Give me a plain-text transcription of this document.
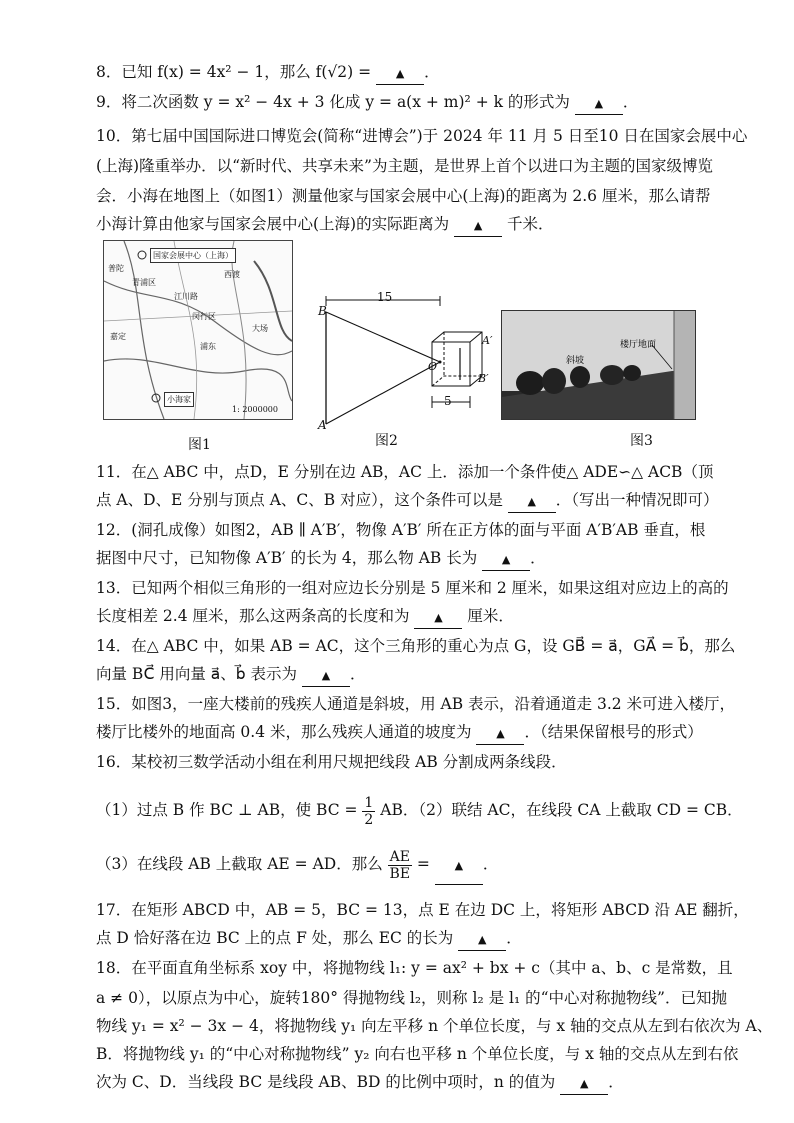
8．已知 f(x) = 4x² − 1，那么 f(√2) = ▲ ．
9．将二次函数 y = x² − 4x + 3 化成 y = a(x + m)² + k 的形式为 ▲ ．
10．第七届中国国际进口博览会(简称“进博会”)于 2024 年 11 月 5 日至10 日在国家会展中心
(上海)隆重举办．以“新时代、共享未来”为主题，是世界上首个以进口为主题的国家级博览
会．小海在地图上（如图1）测量他家与国家会展中心(上海)的距离为 2.6 厘米，那么请帮
小海计算由他家与国家会展中心(上海)的实际距离为 ▲ 千米．
国家会展中心（上海）
青浦区
闵行区
西渡
大场
小海家
普陀
江川路
嘉定
浦东
1: 2000000
图1
15
5
B
A
A′
B′
O
图2
楼厅地面
斜坡
图3
11．在△ ABC 中，点D，E 分别在边 AB，AC 上．添加一个条件使△ ADE∽△ ACB（顶
点 A、D、E 分别与顶点 A、C、B 对应），这个条件可以是 ▲ ．（写出一种情况即可）
12．(洞孔成像）如图2，AB ∥ A′B′，物像 A′B′ 所在正方体的面与平面 A′B′AB 垂直，根
据图中尺寸，已知物像 A′B′ 的长为 4，那么物 AB 长为 ▲ ．
13．已知两个相似三角形的一组对应边长分别是 5 厘米和 2 厘米，如果这组对应边上的高的
长度相差 2.4 厘米，那么这两条高的长度和为 ▲ 厘米．
14．在△ ABC 中，如果 AB = AC，这个三角形的重心为点 G，设 GB⃗ = a⃗，GA⃗ = b⃗，那么
向量 BC⃗ 用向量 a⃗、b⃗ 表示为 ▲ ．
15．如图3，一座大楼前的残疾人通道是斜坡，用 AB 表示，沿着通道走 3.2 米可进入楼厅，
楼厅比楼外的地面高 0.4 米，那么残疾人通道的坡度为 ▲ ．（结果保留根号的形式）
16．某校初三数学活动小组在利用尺规把线段 AB 分割成两条线段．
（1）过点 B 作 BC ⊥ AB，使 BC = $\frac{1}{2}$ AB．（2）联结 AC，在线段 CA 上截取 CD = CB．
（3）在线段 AB 上截取 AE = AD．那么 $\frac{AE}{BE}$ = ▲ ．
17．在矩形 ABCD 中，AB = 5，BC = 13，点 E 在边 DC 上，将矩形 ABCD 沿 AE 翻折，
点 D 恰好落在边 BC 上的点 F 处，那么 EC 的长为 ▲ ．
18．在平面直角坐标系 xoy 中，将抛物线 l₁: y = ax² + bx + c（其中 a、b、c 是常数，且
a ≠ 0），以原点为中心，旋转180° 得抛物线 l₂，则称 l₂ 是 l₁ 的“中心对称抛物线”．已知抛
物线 y₁ = x² − 3x − 4，将抛物线 y₁ 向左平移 n 个单位长度，与 x 轴的交点从左到右依次为 A、
B．将抛物线 y₁ 的“中心对称抛物线” y₂ 向右也平移 n 个单位长度，与 x 轴的交点从左到右依
次为 C、D．当线段 BC 是线段 AB、BD 的比例中项时，n 的值为 ▲ ．
